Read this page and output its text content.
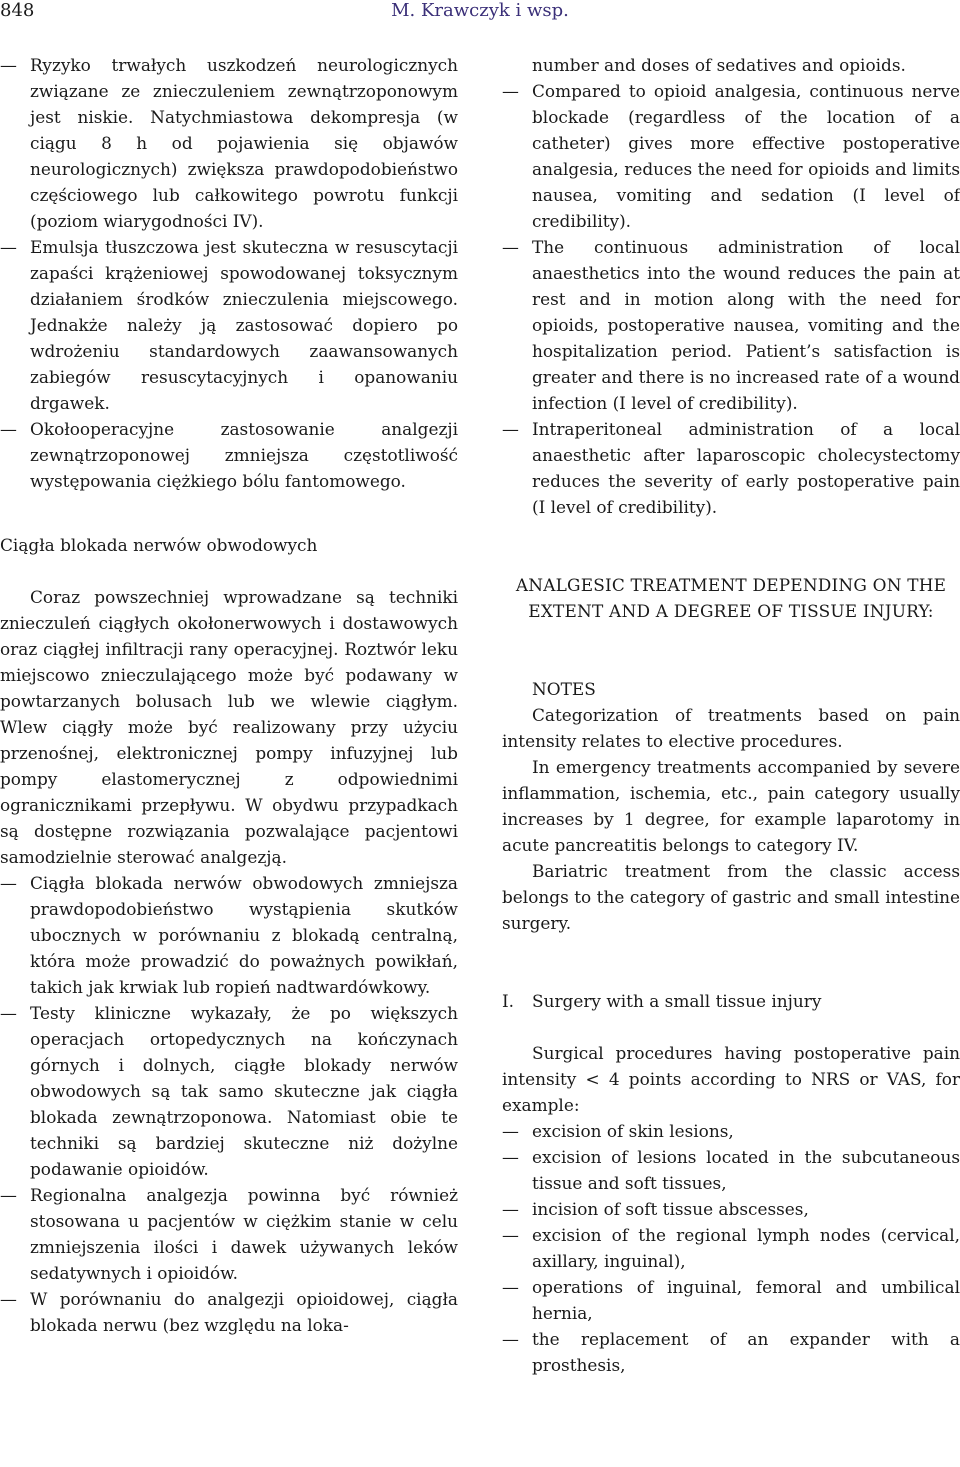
848	M. Krawczyk i wsp.
— Ryzyko trwałych uszkodzeń neurologicznych związane ze znieczuleniem zewnątrzoponowym jest niskie. Natychmiastowa dekompresja (w ciągu 8 h od pojawienia się objawów neurologicznych) zwiększa prawdopodobieństwo częściowego lub całkowitego powrotu funkcji (poziom wiarygodności IV).
— Emulsja tłuszczowa jest skuteczna w resuscytacji zapaści krążeniowej spowodowanej toksycznym działaniem środków znieczulenia miejscowego. Jednakże należy ją zastosować dopiero po wdrożeniu standardowych zaawansowanych zabiegów resuscytacyjnych i opanowaniu drgawek.
— Okołooperacyjne zastosowanie analgezji zewnątrzoponowej zmniejsza częstotliwość występowania ciężkiego bólu fantomowego.

Ciągła blokada nerwów obwodowych

Coraz powszechniej wprowadzane są techniki znieczuleń ciągłych okołonerwowych i dostawowych oraz ciągłej infiltracji rany operacyjnej. Roztwór leku miejscowo znieczulającego może być podawany w powtarzanych bolusach lub we wlewie ciągłym. Wlew ciągły może być realizowany przy użyciu przenośnej, elektronicznej pompy infuzyjnej lub pompy elastomerycznej z odpowiednimi ogranicznikami przepływu. W obydwu przypadkach są dostępne rozwiązania pozwalające pacjentowi samodzielnie sterować analgezją.

— Ciągła blokada nerwów obwodowych zmniejsza prawdopodobieństwo wystąpienia skutków ubocznych w porównaniu z blokadą centralną, która może prowadzić do poważnych powikłań, takich jak krwiak lub ropień nadtwardówkowy.
— Testy kliniczne wykazały, że po większych operacjach ortopedycznych na kończynach górnych i dolnych, ciągłe blokady nerwów obwodowych są tak samo skuteczne jak ciągła blokada zewnątrzoponowa. Natomiast obie te techniki są bardziej skuteczne niż dożylne podawanie opioidów.
— Regionalna analgezja powinna być również stosowana u pacjentów w ciężkim stanie w celu zmniejszenia ilości i dawek używanych leków sedatywnych i opioidów.
— W porównaniu do analgezji opioidowej, ciągła blokada nerwu (bez względu na loka-

number and doses of sedatives and opioids.

— Compared to opioid analgesia, continuous nerve blockade (regardless of the location of a catheter) gives more effective postoperative analgesia, reduces the need for opioids and limits nausea, vomiting and sedation (I level of credibility).
— The continuous administration of local anaesthetics into the wound reduces the pain at rest and in motion along with the need for opioids, postoperative nausea, vomiting and the hospitalization period. Patient’s satisfaction is greater and there is no increased rate of a wound infection (I level of credibility).
— Intraperitoneal administration of a local anaesthetic after laparoscopic cholecystectomy reduces the severity of early postoperative pain (I level of credibility).

ANALGESIC TREATMENT DEPENDING ON THE EXTENT AND A DEGREE OF TISSUE INJURY:

NOTES

Categorization of treatments based on pain intensity relates to elective procedures.

In emergency treatments accompanied by severe inflammation, ischemia, etc., pain category usually increases by 1 degree, for example laparotomy in acute pancreatitis belongs to category IV.

Bariatric treatment from the classic access belongs to the category of gastric and small intestine surgery.

I. Surgery with a small tissue injury

Surgical procedures having postoperative pain intensity < 4 points according to NRS or VAS, for example:

— excision of skin lesions,
— excision of lesions located in the subcutaneous tissue and soft tissues,
— incision of soft tissue abscesses,
— excision of the regional lymph nodes (cervical, axillary, inguinal),
— operations of inguinal, femoral and umbilical hernia,
— the replacement of an expander with a prosthesis,
